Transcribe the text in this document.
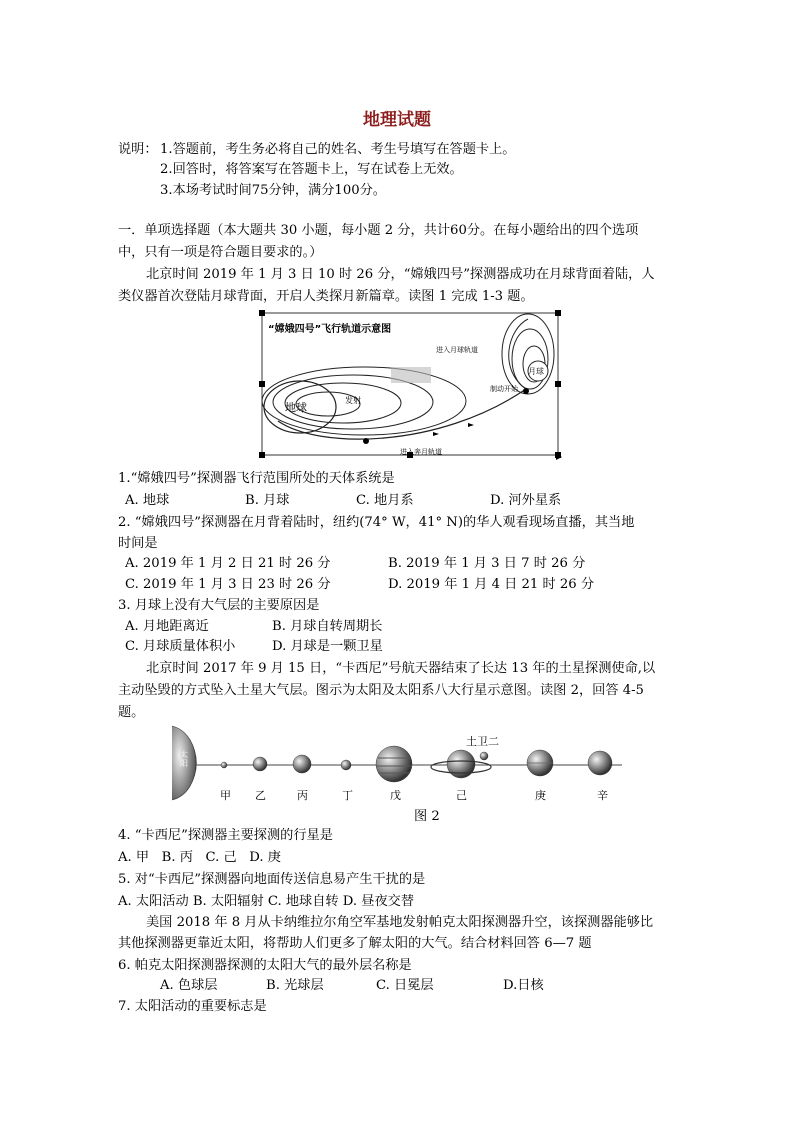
地理试题
说明： 1.答题前，考生务必将自己的姓名、考生号填写在答题卡上。
2.回答时，将答案写在答题卡上，写在试卷上无效。
3.本场考试时间75分钟，满分100分。
一．单项选择题（本大题共 30 小题，每小题 2 分，共计60分。在每小题给出的四个选项
中，只有一项是符合题目要求的。）
北京时间 2019 年 1 月 3 日 10 时 26 分，“嫦娥四号”探测器成功在月球背面着陆，人
类仪器首次登陆月球背面，开启人类探月新篇章。读图 1 完成 1-3 题。
“嫦娥四号”飞行轨道示意图
地球
发射
月球
进入月球轨道
制动开始
进入奔月轨道
1.“嫦娥四号”探测器飞行范围所处的天体系统是
A. 地球	B. 月球	C. 地月系	D. 河外星系
2. “嫦娥四号”探测器在月背着陆时，纽约(74° W，41° N)的华人观看现场直播，其当地
时间是
A. 2019 年 1 月 2 日 21 时 26 分	B. 2019 年 1 月 3 日 7 时 26 分
C. 2019 年 1 月 3 日 23 时 26 分	D. 2019 年 1 月 4 日 21 时 26 分
3. 月球上没有大气层的主要原因是
A. 月地距离近	B. 月球自转周期长
C. 月球质量体积小	D. 月球是一颗卫星
北京时间 2017 年 9 月 15 日，“卡西尼”号航天器结束了长达 13 年的土星探测使命,以
主动坠毁的方式坠入土星大气层。图示为太阳及太阳系八大行星示意图。读图 2，回答 4-5
题。
太阳
土卫二
甲 乙	丙	丁	戊	己	庚	辛
图 2
4. “卡西尼”探测器主要探测的行星是
A. 甲   B. 丙   C. 己   D. 庚
5. 对“卡西尼”探测器向地面传送信息易产生干扰的是
A. 太阳活动 B. 太阳辐射 C. 地球自转 D. 昼夜交替
美国 2018 年 8 月从卡纳维拉尔角空军基地发射帕克太阳探测器升空，该探测器能够比
其他探测器更靠近太阳，将帮助人们更多了解太阳的大气。结合材料回答 6—7 题
6. 帕克太阳探测器探测的太阳大气的最外层名称是
A. 色球层	B. 光球层	C. 日冕层	D.日核
7. 太阳活动的重要标志是
